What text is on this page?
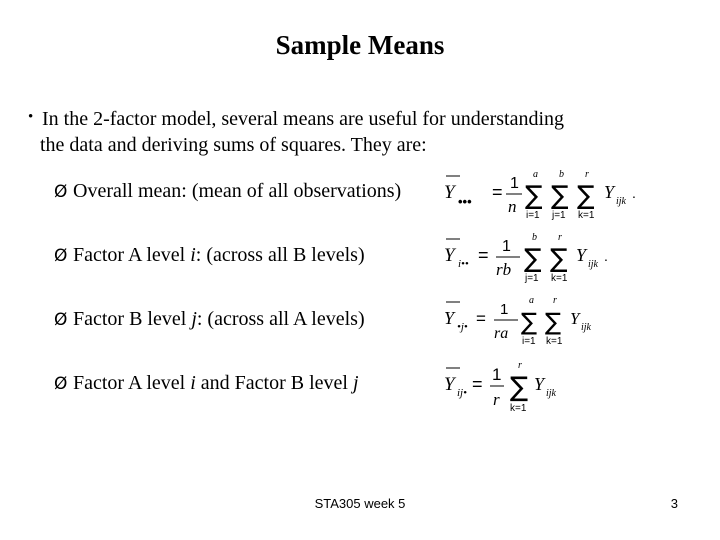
Sample Means
• In the 2-factor model, several means are useful for understanding
the data and deriving sums of squares. They are:
Ø Overall mean: (mean of all observations) Y ••• = 1
n
a
∑
i=1
b
∑
j=1
r
∑
k=1
Y ijk
.
Ø Factor A level i: (across all B levels)	Y i•• = 1
rb
b
∑
j=1
r
∑
k=1
Y ijk
.
Ø Factor B level j: (across all A levels)	Y •j• = 1
ra
a
∑
i=1
r
∑
k=1
Y ijk
Ø Factor A level i and Factor B level j	Y ij• = 1
r
r
∑
k=1
Y ijk
STA305 week 5	3
